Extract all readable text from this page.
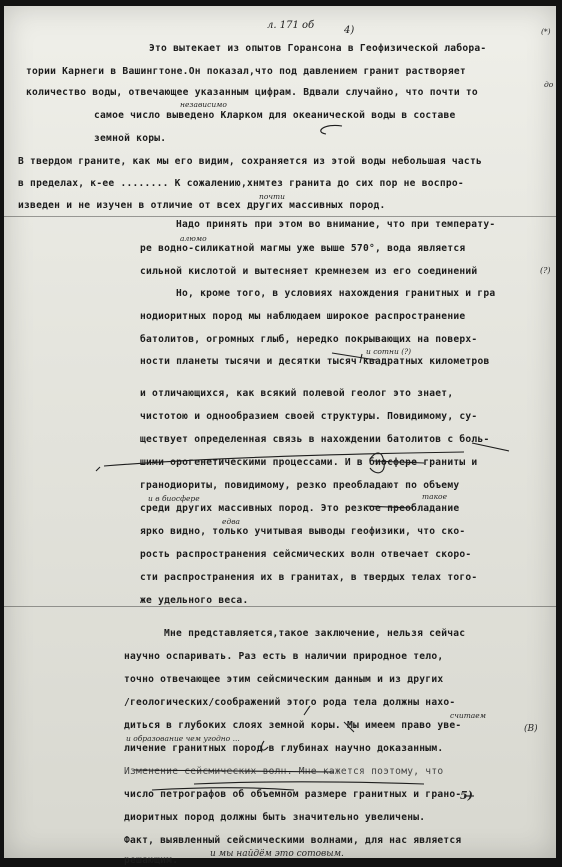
л. 171 об	4)
Это вытекает из опытов Горансона в Геофизической лабора-
тории Карнеги в Вашингтоне.Он показал,что под давлением гранит растворяет
количество воды, отвечающее указанным цифрам. Вдвали случайно, что почти то
самое число выведено Кларком для океанической воды в составе
земной коры.
В твердом граните, как мы его видим, сохраняется из этой воды небольшая часть
в пределах, к-ее ........ К сожалению,хнмтез гранита до сих пор не воспро-
изведен и не изучен в отличие от всех других массивных пород.
Надо принять при этом во внимание, что при температу-
ре водно-силикатной магмы уже выше 570°, вода является
сильной кислотой и вытесняет кремнезем из его соединений
Но, кроме того, в условиях нахождения гранитных и гра
нодиоритных пород мы наблюдаем широкое распространение
батолитов, огромных глыб, нередко покрывающих на поверх-
ности планеты тысячи и десятки тысяч квадратных километров
и отличающихся, как всякий полевой геолог это знает,
чистотою и однообразием своей структуры. Повидимому, су-
ществует определенная связь в нахождении батолитов с боль-
шими орогенетическими процессами. И в биосфере граниты и
гранодиориты, повидимому, резко преобладают по объему
среди других массивных пород. Это резкое преобладание
ярко видно, только учитывая выводы геофизики, что ско-
рость распространения сейсмических волн отвечает скоро-
сти распространения их в гранитах, в твердых телах того-
же удельного веса.
Мне представляется,такое заключение, нельзя сейчас
научно оспаривать. Раз есть в наличии природное тело,
точно отвечающее этим сейсмическим данным и из других
/геологических/соображений этого рода тела должны нахо-
диться в глубоких слоях земной коры. Мы имеем право уве-
личение гранитных пород в глубинах научно доказанным.
Изменение сейсмических волн. Мне кажется поэтому, что
число петрографов об объемном размере гранитных и грано-
диоритных пород должны быть значительно увеличены.
Факт, выявленный сейсмическими волнами, для нас является
решающим.
независимо
почти
алюмо
и сотни (?)
и в биосфере	такое
едва
считаем
и образование чем угодно ...
(?)
(В)
5)
и мы найдём это сотовым.
до
(*)
